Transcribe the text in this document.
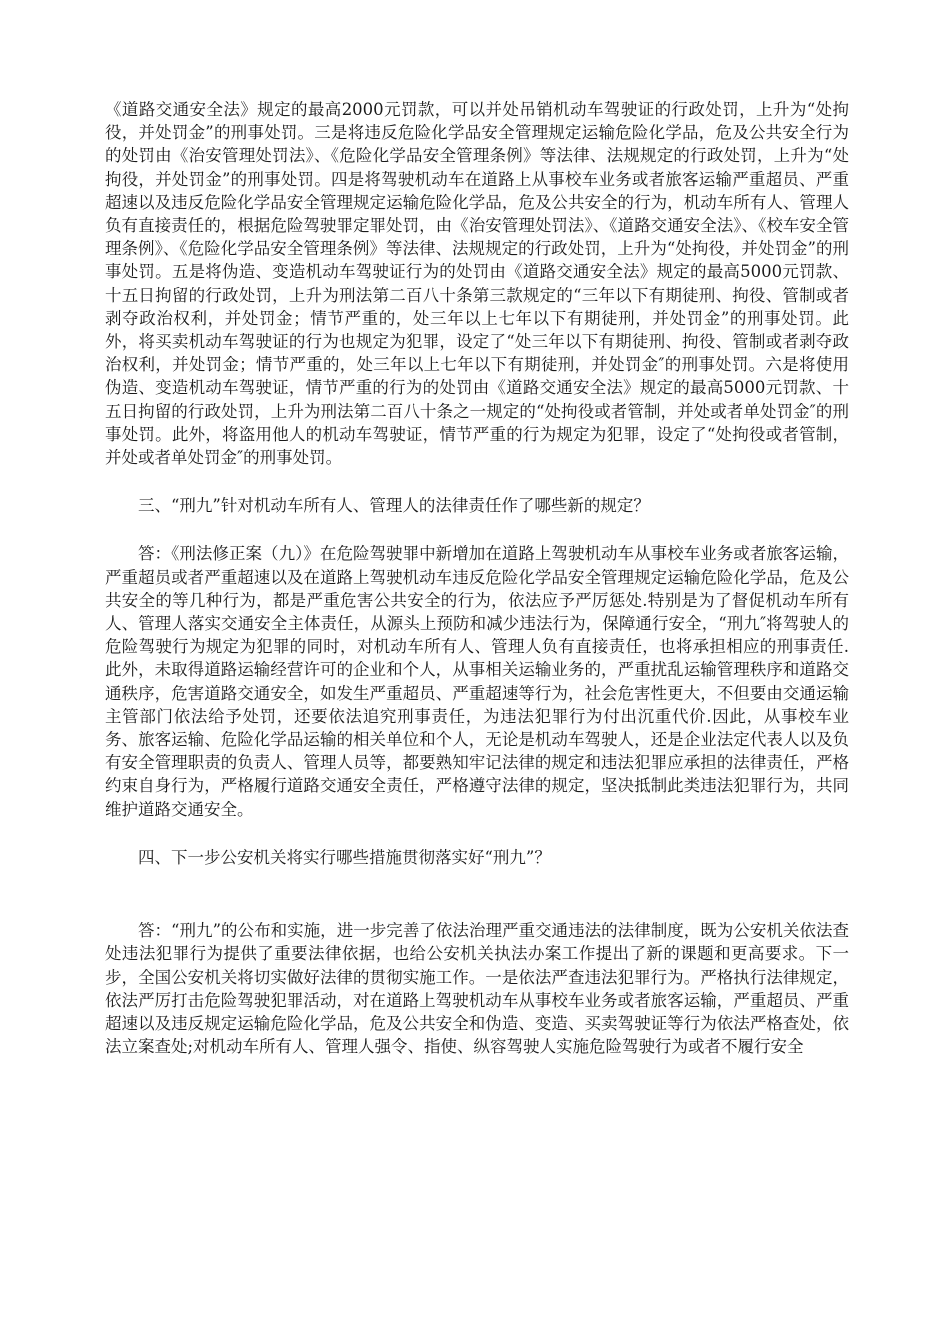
《道路交通安全法》规定的最高2000元罚款，可以并处吊销机动车驾驶证的行政处罚，上升为“处拘役，并处罚金”的刑事处罚。三是将违反危险化学品安全管理规定运输危险化学品，危及公共安全行为的处罚由《治安管理处罚法》、《危险化学品安全管理条例》等法律、法规规定的行政处罚，上升为“处拘役，并处罚金”的刑事处罚。四是将驾驶机动车在道路上从事校车业务或者旅客运输严重超员、严重超速以及违反危险化学品安全管理规定运输危险化学品，危及公共安全的行为，机动车所有人、管理人负有直接责任的，根据危险驾驶罪定罪处罚，由《治安管理处罚法》、《道路交通安全法》、《校车安全管理条例》、《危险化学品安全管理条例》等法律、法规规定的行政处罚，上升为“处拘役，并处罚金”的刑事处罚。五是将伪造、变造机动车驾驶证行为的处罚由《道路交通安全法》规定的最高5000元罚款、十五日拘留的行政处罚，上升为刑法第二百八十条第三款规定的“三年以下有期徒刑、拘役、管制或者剥夺政治权利，并处罚金；情节严重的，处三年以上七年以下有期徒刑，并处罚金”的刑事处罚。此外，将买卖机动车驾驶证的行为也规定为犯罪，设定了“处三年以下有期徒刑、拘役、管制或者剥夺政治权利，并处罚金；情节严重的，处三年以上七年以下有期徒刑，并处罚金″的刑事处罚。六是将使用伪造、变造机动车驾驶证，情节严重的行为的处罚由《道路交通安全法》规定的最高5000元罚款、十五日拘留的行政处罚，上升为刑法第二百八十条之一规定的“处拘役或者管制，并处或者单处罚金″的刑事处罚。此外，将盗用他人的机动车驾驶证，情节严重的行为规定为犯罪，设定了“处拘役或者管制，并处或者单处罚金″的刑事处罚。

三、“刑九”针对机动车所有人、管理人的法律责任作了哪些新的规定？

答：《刑法修正案（九）》在危险驾驶罪中新增加在道路上驾驶机动车从事校车业务或者旅客运输，严重超员或者严重超速以及在道路上驾驶机动车违反危险化学品安全管理规定运输危险化学品，危及公共安全的等几种行为，都是严重危害公共安全的行为，依法应予严厉惩处.特别是为了督促机动车所有人、管理人落实交通安全主体责任，从源头上预防和减少违法行为，保障通行安全，“刑九″将驾驶人的危险驾驶行为规定为犯罪的同时，对机动车所有人、管理人负有直接责任，也将承担相应的刑事责任.此外，未取得道路运输经营许可的企业和个人，从事相关运输业务的，严重扰乱运输管理秩序和道路交通秩序，危害道路交通安全，如发生严重超员、严重超速等行为，社会危害性更大，不但要由交通运输主管部门依法给予处罚，还要依法追究刑事责任，为违法犯罪行为付出沉重代价.因此，从事校车业务、旅客运输、危险化学品运输的相关单位和个人，无论是机动车驾驶人，还是企业法定代表人以及负有安全管理职责的负责人、管理人员等，都要熟知牢记法律的规定和违法犯罪应承担的法律责任，严格约束自身行为，严格履行道路交通安全责任，严格遵守法律的规定，坚决抵制此类违法犯罪行为，共同维护道路交通安全。

四、下一步公安机关将实行哪些措施贯彻落实好“刑九”？

答：“刑九”的公布和实施，进一步完善了依法治理严重交通违法的法律制度，既为公安机关依法查处违法犯罪行为提供了重要法律依据，也给公安机关执法办案工作提出了新的课题和更高要求。下一步，全国公安机关将切实做好法律的贯彻实施工作。一是依法严查违法犯罪行为。严格执行法律规定，依法严厉打击危险驾驶犯罪活动，对在道路上驾驶机动车从事校车业务或者旅客运输，严重超员、严重超速以及违反规定运输危险化学品，危及公共安全和伪造、变造、买卖驾驶证等行为依法严格查处，依法立案查处;对机动车所有人、管理人强令、指使、纵容驾驶人实施危险驾驶行为或者不履行安全
